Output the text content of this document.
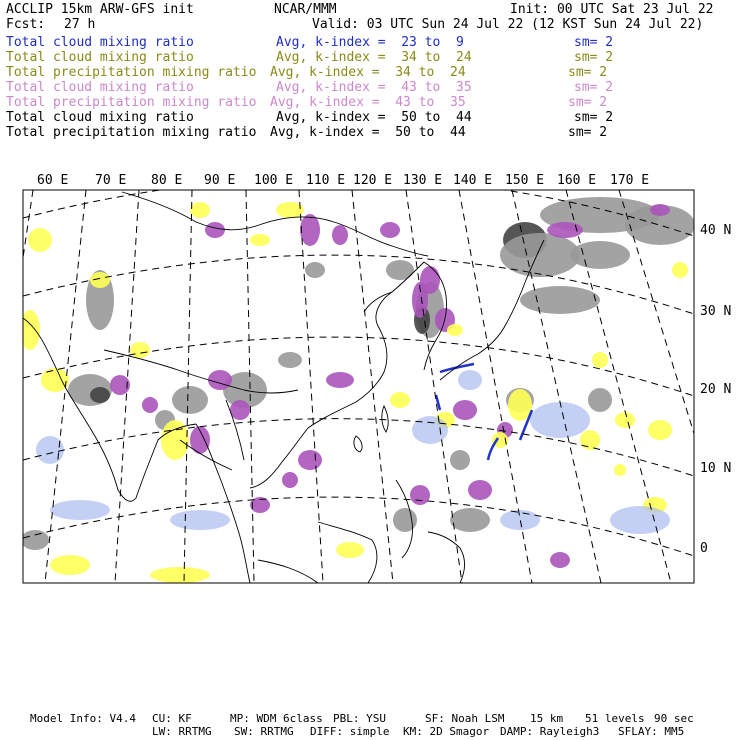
ACCLIP 15km ARW-GFS init	NCAR/MMM	Init: 00 UTC Sat 23 Jul 22
Fcst: 27 h	Valid: 03 UTC Sun 24 Jul 22 (12 KST Sun 24 Jul 22)
Total cloud mixing ratio	Avg, k-index =  23 to  9	sm= 2
Total cloud mixing ratio	Avg, k-index =  34 to  24	sm= 2
Total precipitation mixing ratio Avg, k-index =  34 to  24	sm= 2
Total cloud mixing ratio	Avg, k-index =  43 to  35	sm= 2
Total precipitation mixing ratio Avg, k-index =  43 to  35	sm= 2
Total cloud mixing ratio	Avg, k-index =  50 to  44	sm= 2
Total precipitation mixing ratio Avg, k-index =  50 to  44	sm= 2
60 E 70 E 80 E 90 E 100 E 110 E 120 E 130 E 140 E 150 E 160 E 170 E
40 N
30 N
20 N
10 N
0
Model Info: V4.4 CU: KF	MP: WDM 6class PBL: YSU	SF: Noah LSM 15 km 51 levels 90 sec
LW: RRTMG SW: RRTMG DIFF: simple KM: 2D Smagor DAMP: Rayleigh3 SFLAY: MM5
